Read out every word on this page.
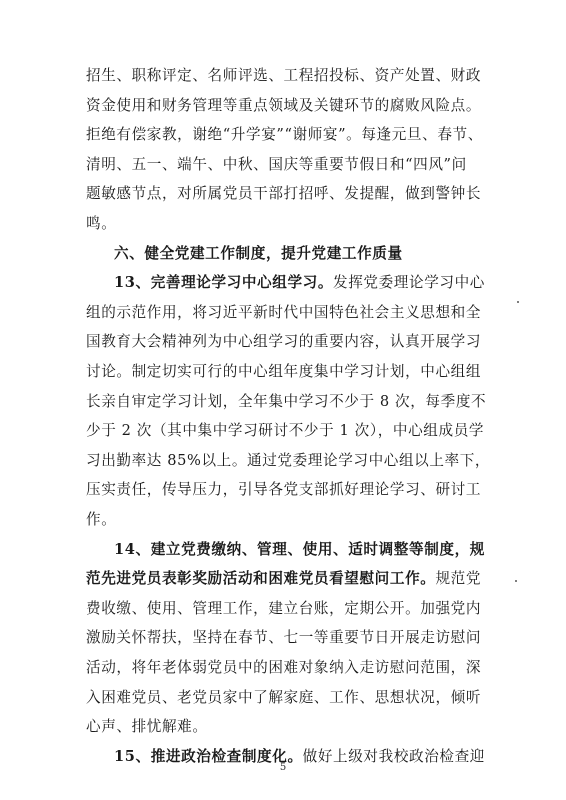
招生、职称评定、名师评选、工程招投标、资产处置、财政
资金使用和财务管理等重点领域及关键环节的腐败风险点。
拒绝有偿家教，谢绝“升学宴”“谢师宴”。每逢元旦、春节、
清明、五一、端午、中秋、国庆等重要节假日和“四风”问
题敏感节点，对所属党员干部打招呼、发提醒，做到警钟长
鸣。
六、健全党建工作制度，提升党建工作质量
13、完善理论学习中心组学习。发挥党委理论学习中心
组的示范作用，将习近平新时代中国特色社会主义思想和全
国教育大会精神列为中心组学习的重要内容，认真开展学习
讨论。制定切实可行的中心组年度集中学习计划，中心组组
长亲自审定学习计划，全年集中学习不少于 8 次，每季度不
少于 2 次（其中集中学习研讨不少于 1 次），中心组成员学
习出勤率达 85%以上。通过党委理论学习中心组以上率下，
压实责任，传导压力，引导各党支部抓好理论学习、研讨工
作。
14、建立党费缴纳、管理、使用、适时调整等制度，规
范先进党员表彰奖励活动和困难党员看望慰问工作。规范党
费收缴、使用、管理工作，建立台账，定期公开。加强党内
激励关怀帮扶，坚持在春节、七一等重要节日开展走访慰问
活动，将年老体弱党员中的困难对象纳入走访慰问范围，深
入困难党员、老党员家中了解家庭、工作、思想状况，倾听
心声、排忧解难。
15、推进政治检查制度化。做好上级对我校政治检查迎
5
